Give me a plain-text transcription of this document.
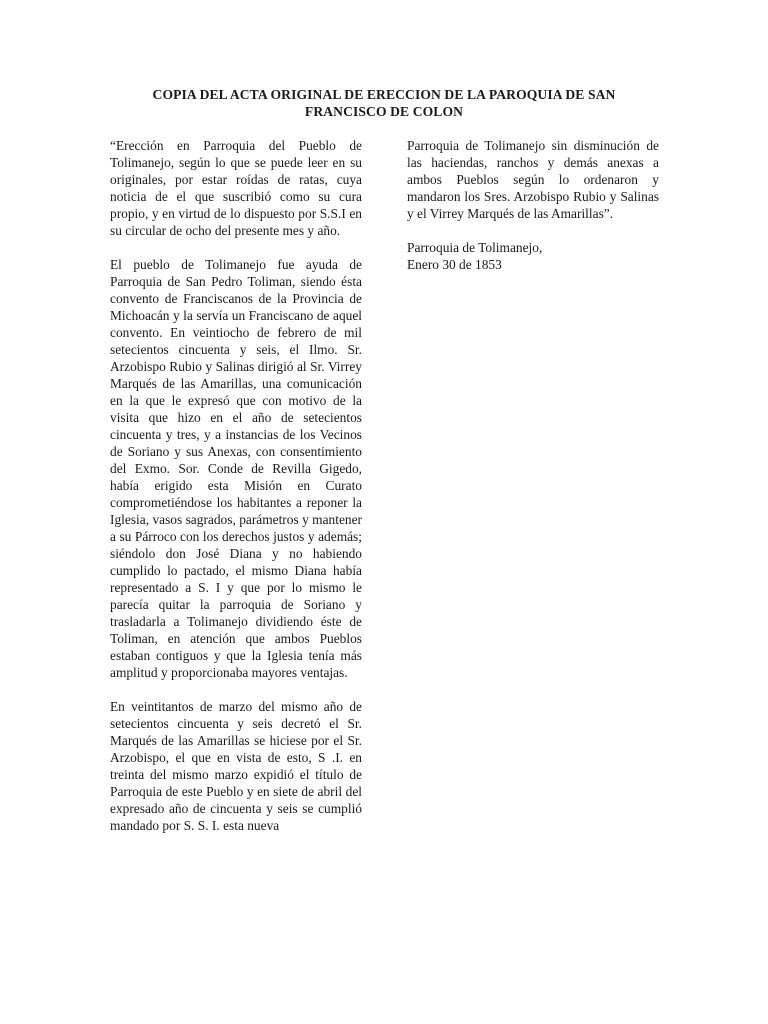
COPIA DEL ACTA ORIGINAL DE ERECCION DE LA PAROQUIA DE SAN FRANCISCO DE COLON

“Erección en Parroquia del Pueblo de Tolimanejo, según lo que se puede leer en su originales, por estar roídas de ratas, cuya noticia de el que suscribió como su cura propio, y en virtud de lo dispuesto por S.S.I en su circular de ocho del presente mes y año.

El pueblo de Tolimanejo fue ayuda de Parroquia de San Pedro Toliman, siendo ésta convento de Franciscanos de la Provincia de Michoacán y la servía un Franciscano de aquel convento. En veintiocho de febrero de mil setecientos cincuenta y seis, el Ilmo. Sr. Arzobispo Rubio y Salinas dirigió al Sr. Virrey Marqués de las Amarillas, una comunicación en la que le expresó que con motivo de la visita que hizo en el año de setecientos cincuenta y tres, y a instancias de los Vecinos de Soriano y sus Anexas, con consentimiento del Exmo. Sor. Conde de Revilla Gigedo, había erigido esta Misión en Curato comprometiéndose los habitantes a reponer la Iglesia, vasos sagrados, parámetros y mantener a su Párroco con los derechos justos y además; siéndolo don José Diana y no habiendo cumplido lo pactado, el mismo Diana había representado a S. I y que por lo mismo le parecía quitar la parroquia de Soriano y trasladarla a Tolimanejo dividiendo éste de Toliman, en atención que ambos Pueblos estaban contiguos y que la Iglesia tenía más amplitud y proporcionaba mayores ventajas.

En veintitantos de marzo del mismo año de setecientos cincuenta y seis decretó el Sr. Marqués de las Amarillas se hiciese por el Sr. Arzobispo, el que en vista de esto, S .I. en treinta del mismo marzo expidió el título de Parroquia de este Pueblo y en siete de abril del expresado año de cincuenta y seis se cumplió mandado por S. S. I. esta nueva

Parroquia de Tolimanejo sin disminución de las haciendas, ranchos y demás anexas a ambos Pueblos según lo ordenaron y mandaron los Sres. Arzobispo Rubio y Salinas y el Virrey Marqués de las Amarillas”.

Parroquia de Tolimanejo,
Enero 30 de 1853
